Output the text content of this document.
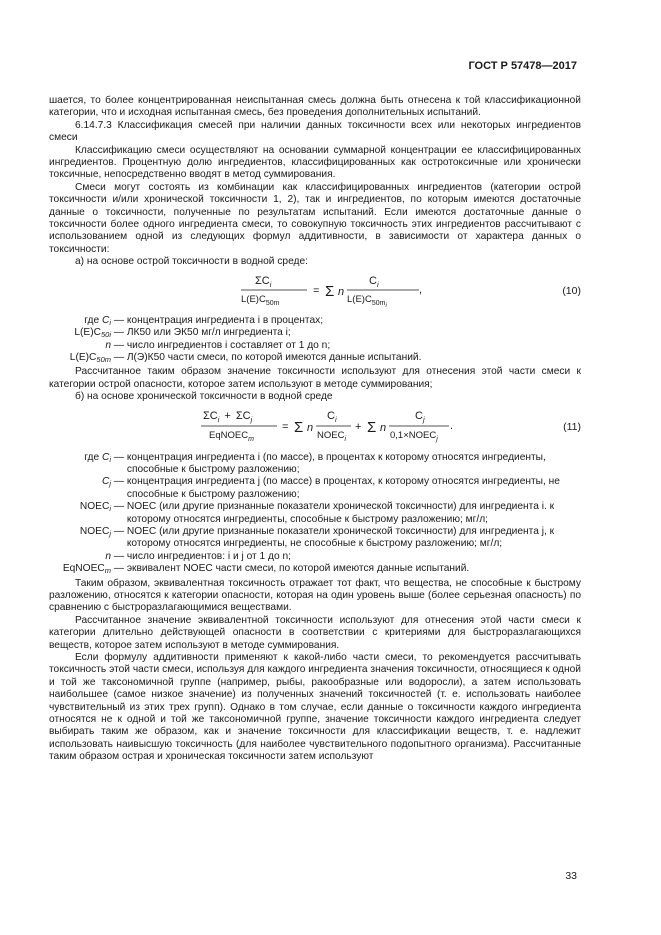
ГОСТ Р 57478—2017

шается, то более концентрированная неиспытанная смесь должна быть отнесена к той классификационной категории, что и исходная испытанная смесь, без проведения дополнительных испытаний.

6.14.7.3 Классификация смесей при наличии данных токсичности всех или некоторых ингредиентов смеси

Классификацию смеси осуществляют на основании суммарной концентрации ее классифицированных ингредиентов. Процентную долю ингредиентов, классифицированных как остротоксичные или хронически токсичные, непосредственно вводят в метод суммирования.

Смеси могут состоять из комбинации как классифицированных ингредиентов (категории острой токсичности и/или хронической токсичности 1, 2), так и ингредиентов, по которым имеются достаточные данные о токсичности, полученные по результатам испытаний. Если имеются достаточные данные о токсичности более одного ингредиента смеси, то совокупную токсичность этих ингредиентов рассчитывают с использованием одной из следующих формул аддитивности, в зависимости от характера данных о токсичности:

а) на основе острой токсичности в водной среде:

$\Sigma C_i$
$L(E)C_{50m}$
= Σ n
$C_i$
$L(E)C_{50mi}$
,	(10)
где $C_i$ — концентрация ингредиента i в процентах;
$L(E)C_{50i}$ — ЛК50 или ЭК50 мг/л ингредиента i;
n — число ингредиентов i составляет от 1 до n;
$L(E)C_{50m}$ — Л(Э)К50 части смеси, по которой имеются данные испытаний.

Рассчитанное таким образом значение токсичности используют для отнесения этой части смеси к категории острой опасности, которое затем используют в методе суммирования;

б) на основе хронической токсичности в водной среде

$\Sigma C_i + \Sigma C_j$
EqNOEC$_m$
= Σ n
$C_i$
$NOEC_i$
+ Σ n
$C_j$
$0,1\times NOEC_j$
.	(11)
где $C_i$ — концентрация ингредиента i (по массе), в процентах к которому относятся ингредиенты, способные к быстрому разложению;
$C_j$ — концентрация ингредиента j (по массе) в процентах, к которому относятся ингредиенты, не способные к быстрому разложению;
$NOEC_i$ — NOEC (или другие признанные показатели хронической токсичности) для ингредиента i. к которому относятся ингредиенты, способные к быстрому разложению; мг/л;
$NOEC_j$ — NOEC (или другие признанные показатели хронической токсичности) для ингредиента j, к которому относятся ингредиенты, не способные к быстрому разложению; мг/л;
n — число ингредиентов: i и j от 1 до n;
EqNOEC$_m$ — эквивалент NOEC части смеси, по которой имеются данные испытаний.

Таким образом, эквивалентная токсичность отражает тот факт, что вещества, не способные к быстрому разложению, относятся к категории опасности, которая на один уровень выше (более серьезная опасность) по сравнению с быстроразлагающимися веществами.

Рассчитанное значение эквивалентной токсичности используют для отнесения этой части смеси к категории длительно действующей опасности в соответствии с критериями для быстроразлагающихся веществ, которое затем используют в методе суммирования.

Если формулу аддитивности применяют к какой-либо части смеси, то рекомендуется рассчитывать токсичность этой части смеси, используя для каждого ингредиента значения токсичности, относящиеся к одной и той же таксономичной группе (например, рыбы, ракообразные или водоросли), а затем использовать наибольшее (самое низкое значение) из полученных значений токсичностей (т. е. использовать наиболее чувствительный из этих трех групп). Однако в том случае, если данные о токсичности каждого ингредиента относятся не к одной и той же таксономичной группе, значение токсичности каждого ингредиента следует выбирать таким же образом, как и значение токсичности для классификации веществ, т. е. надлежит использовать наивысшую токсичность (для наиболее чувствительного подопытного организма). Рассчитанные таким образом острая и хроническая токсичности затем используют

33
